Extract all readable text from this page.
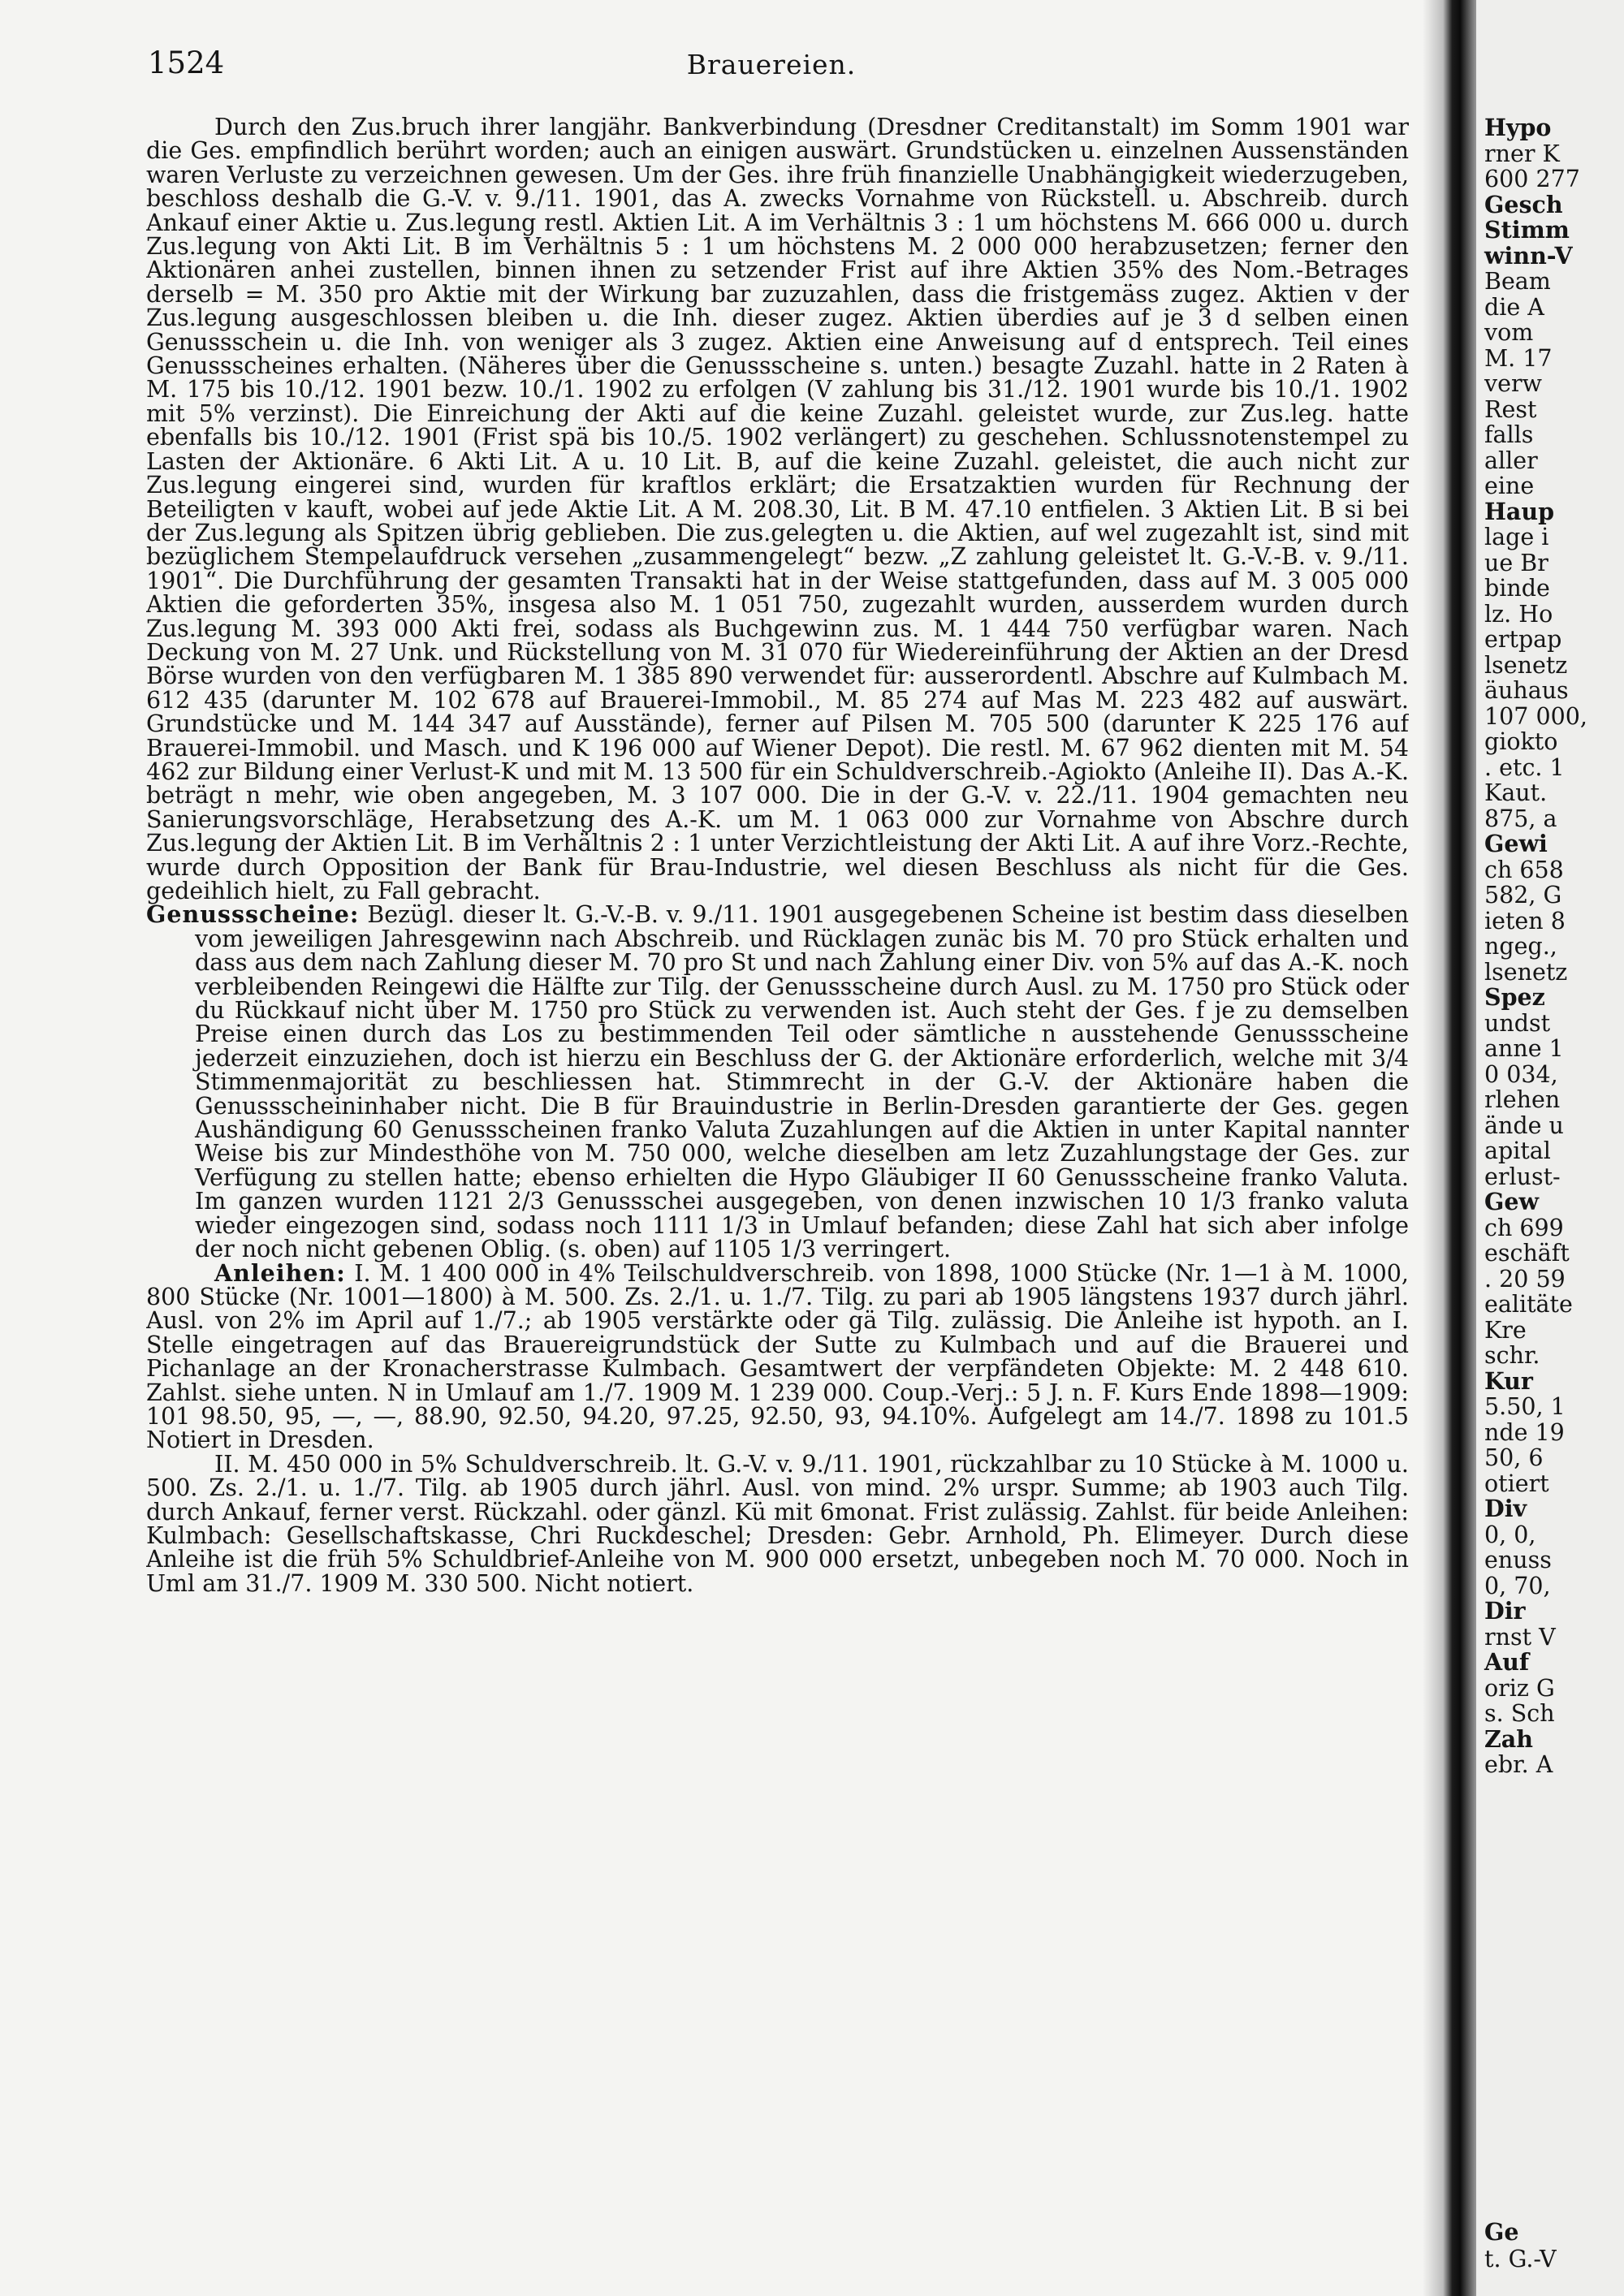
1524	Brauereien.

Durch den Zus.bruch ihrer langjähr. Bankverbindung (Dresdner Creditanstalt) im Somm 1901 war die Ges. empfindlich berührt worden; auch an einigen auswärt. Grundstücken u. einzelnen Aussenständen waren Verluste zu verzeichnen gewesen. Um der Ges. ihre früh finanzielle Unabhängigkeit wiederzugeben, beschloss deshalb die G.-V. v. 9./11. 1901, das A. zwecks Vornahme von Rückstell. u. Abschreib. durch Ankauf einer Aktie u. Zus.legung restl. Aktien Lit. A im Verhältnis 3 : 1 um höchstens M. 666 000 u. durch Zus.legung von Akti Lit. B im Verhältnis 5 : 1 um höchstens M. 2 000 000 herabzusetzen; ferner den Aktionären anhei zustellen, binnen ihnen zu setzender Frist auf ihre Aktien 35% des Nom.-Betrages derselb = M. 350 pro Aktie mit der Wirkung bar zuzuzahlen, dass die fristgemäss zugez. Aktien v der Zus.legung ausgeschlossen bleiben u. die Inh. dieser zugez. Aktien überdies auf je 3 d selben einen Genussschein u. die Inh. von weniger als 3 zugez. Aktien eine Anweisung auf d entsprech. Teil eines Genussscheines erhalten. (Näheres über die Genussscheine s. unten.) besagte Zuzahl. hatte in 2 Raten à M. 175 bis 10./12. 1901 bezw. 10./1. 1902 zu erfolgen (V zahlung bis 31./12. 1901 wurde bis 10./1. 1902 mit 5% verzinst). Die Einreichung der Akti auf die keine Zuzahl. geleistet wurde, zur Zus.leg. hatte ebenfalls bis 10./12. 1901 (Frist spä bis 10./5. 1902 verlängert) zu geschehen. Schlussnotenstempel zu Lasten der Aktionäre. 6 Akti Lit. A u. 10 Lit. B, auf die keine Zuzahl. geleistet, die auch nicht zur Zus.legung eingerei sind, wurden für kraftlos erklärt; die Ersatzaktien wurden für Rechnung der Beteiligten v kauft, wobei auf jede Aktie Lit. A M. 208.30, Lit. B M. 47.10 entfielen. 3 Aktien Lit. B si bei der Zus.legung als Spitzen übrig geblieben. Die zus.gelegten u. die Aktien, auf wel zugezahlt ist, sind mit bezüglichem Stempelaufdruck versehen „zusammengelegt“ bezw. „Z zahlung geleistet lt. G.-V.-B. v. 9./11. 1901“. Die Durchführung der gesamten Transakti hat in der Weise stattgefunden, dass auf M. 3 005 000 Aktien die geforderten 35%, insgesa also M. 1 051 750, zugezahlt wurden, ausserdem wurden durch Zus.legung M. 393 000 Akti frei, sodass als Buchgewinn zus. M. 1 444 750 verfügbar waren. Nach Deckung von M. 27 Unk. und Rückstellung von M. 31 070 für Wiedereinführung der Aktien an der Dresd Börse wurden von den verfügbaren M. 1 385 890 verwendet für: ausserordentl. Abschre auf Kulmbach M. 612 435 (darunter M. 102 678 auf Brauerei-Immobil., M. 85 274 auf Mas M. 223 482 auf auswärt. Grundstücke und M. 144 347 auf Ausstände), ferner auf Pilsen M. 705 500 (darunter K 225 176 auf Brauerei-Immobil. und Masch. und K 196 000 auf Wiener Depot). Die restl. M. 67 962 dienten mit M. 54 462 zur Bildung einer Verlust-K und mit M. 13 500 für ein Schuldverschreib.-Agiokto (Anleihe II). Das A.-K. beträgt n mehr, wie oben angegeben, M. 3 107 000. Die in der G.-V. v. 22./11. 1904 gemachten neu Sanierungsvorschläge, Herabsetzung des A.-K. um M. 1 063 000 zur Vornahme von Abschre durch Zus.legung der Aktien Lit. B im Verhältnis 2 : 1 unter Verzichtleistung der Akti Lit. A auf ihre Vorz.-Rechte, wurde durch Opposition der Bank für Brau-Industrie, wel diesen Beschluss als nicht für die Ges. gedeihlich hielt, zu Fall gebracht.

Genussscheine: Bezügl. dieser lt. G.-V.-B. v. 9./11. 1901 ausgegebenen Scheine ist bestim dass dieselben vom jeweiligen Jahresgewinn nach Abschreib. und Rücklagen zunäc bis M. 70 pro Stück erhalten und dass aus dem nach Zahlung dieser M. 70 pro St und nach Zahlung einer Div. von 5% auf das A.-K. noch verbleibenden Reingewi die Hälfte zur Tilg. der Genussscheine durch Ausl. zu M. 1750 pro Stück oder du Rückkauf nicht über M. 1750 pro Stück zu verwenden ist. Auch steht der Ges. f je zu demselben Preise einen durch das Los zu bestimmenden Teil oder sämtliche n ausstehende Genussscheine jederzeit einzuziehen, doch ist hierzu ein Beschluss der G. der Aktionäre erforderlich, welche mit 3/4 Stimmenmajorität zu beschliessen hat. Stimmrecht in der G.-V. der Aktionäre haben die Genussscheininhaber nicht. Die B für Brauindustrie in Berlin-Dresden garantierte der Ges. gegen Aushändigung 60 Genussscheinen franko Valuta Zuzahlungen auf die Aktien in unter Kapital nannter Weise bis zur Mindesthöhe von M. 750 000, welche dieselben am letz Zuzahlungstage der Ges. zur Verfügung zu stellen hatte; ebenso erhielten die Hypo Gläubiger II 60 Genussscheine franko Valuta. Im ganzen wurden 1121 2/3 Genussschei ausgegeben, von denen inzwischen 10 1/3 franko valuta wieder eingezogen sind, sodass noch 1111 1/3 in Umlauf befanden; diese Zahl hat sich aber infolge der noch nicht gebenen Oblig. (s. oben) auf 1105 1/3 verringert.

Anleihen: I. M. 1 400 000 in 4% Teilschuldverschreib. von 1898, 1000 Stücke (Nr. 1—1 à M. 1000, 800 Stücke (Nr. 1001—1800) à M. 500. Zs. 2./1. u. 1./7. Tilg. zu pari ab 1905 längstens 1937 durch jährl. Ausl. von 2% im April auf 1./7.; ab 1905 verstärkte oder gä Tilg. zulässig. Die Anleihe ist hypoth. an I. Stelle eingetragen auf das Brauereigrundstück der Sutte zu Kulmbach und auf die Brauerei und Pichanlage an der Kronacherstrasse Kulmbach. Gesamtwert der verpfändeten Objekte: M. 2 448 610. Zahlst. siehe unten. N in Umlauf am 1./7. 1909 M. 1 239 000. Coup.-Verj.: 5 J. n. F. Kurs Ende 1898—1909: 101 98.50, 95, —, —, 88.90, 92.50, 94.20, 97.25, 92.50, 93, 94.10%. Aufgelegt am 14./7. 1898 zu 101.5 Notiert in Dresden.

II. M. 450 000 in 5% Schuldverschreib. lt. G.-V. v. 9./11. 1901, rückzahlbar zu 10 Stücke à M. 1000 u. 500. Zs. 2./1. u. 1./7. Tilg. ab 1905 durch jährl. Ausl. von mind. 2% urspr. Summe; ab 1903 auch Tilg. durch Ankauf, ferner verst. Rückzahl. oder gänzl. Kü mit 6monat. Frist zulässig. Zahlst. für beide Anleihen: Kulmbach: Gesellschaftskasse, Chri Ruckdeschel; Dresden: Gebr. Arnhold, Ph. Elimeyer. Durch diese Anleihe ist die früh 5% Schuldbrief-Anleihe von M. 900 000 ersetzt, unbegeben noch M. 70 000. Noch in Uml am 31./7. 1909 M. 330 500. Nicht notiert.

Hypo
rner K
600 277
Gesch
Stimm
winn-V
Beam
die A
vom
M. 17
verw
Rest
falls
aller
eine
Haup
lage i
ue Br
binde
lz. Ho
ertpap
lsenetz
äuhaus
107 000,
giokto
. etc. 1
Kaut.
875, a
Gewi
ch 658
582, G
ieten 8
ngeg.,
lsenetz
Spez
undst
anne 1
0 034,
rlehen
ände u
apital
erlust-
Gew
ch 699
eschäft
. 20 59
ealitäte
Kre
schr.
Kur
5.50, 1
nde 19
50, 6
otiert
Div
0, 0,
enuss
0, 70,
Dir
rnst V
Auf
oriz G
s. Sch
Zah
ebr. A
Ge
t. G.-V
